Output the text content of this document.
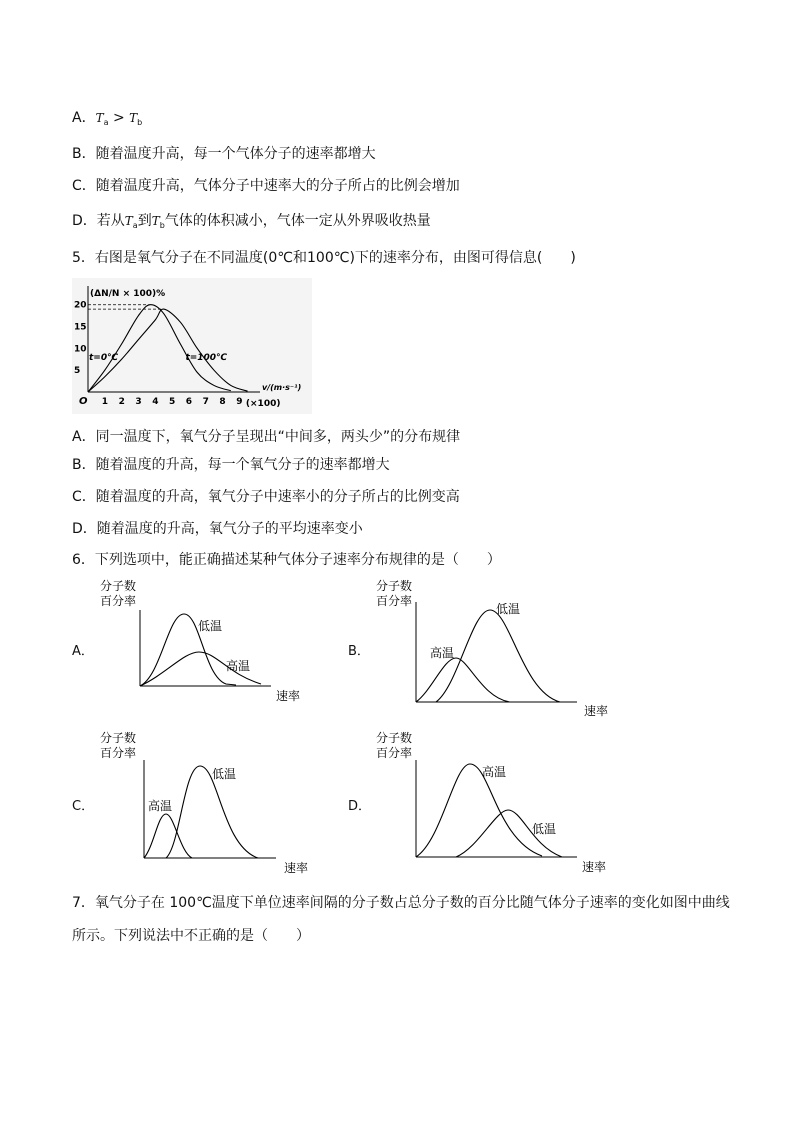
A．$T_a > T_b$
B．随着温度升高，每一个气体分子的速率都增大
C．随着温度升高，气体分子中速率大的分子所占的比例会增加
D．若从$T_a$到$T_b$气体的体积减小，气体一定从外界吸收热量
5．右图是氧气分子在不同温度(0℃和100℃)下的速率分布，由图可得信息(　　)
(ΔN/N × 100)%
O 1 2 3 4 5 6 7 8 9
5
10
15
20
(×100)
v/(m·s⁻¹)
t=0℃	t=100℃
A．同一温度下，氧气分子呈现出“中间多，两头少”的分布规律
B．随着温度的升高，每一个氧气分子的速率都增大
C．随着温度的升高，氧气分子中速率小的分子所占的比例变高
D．随着温度的升高，氧气分子的平均速率变小
6．下列选项中，能正确描述某种气体分子速率分布规律的是（　　）
A．	B．
C．	D．
分子数
百分率
低温
高温
速率
分子数
百分率
低温
高温
速率
分子数
百分率
低温
高温
速率
分子数
百分率
高温
低温
速率
7．氧气分子在 100℃温度下单位速率间隔的分子数占总分子数的百分比随气体分子速率的变化如图中曲线
所示。下列说法中不正确的是（　　）
